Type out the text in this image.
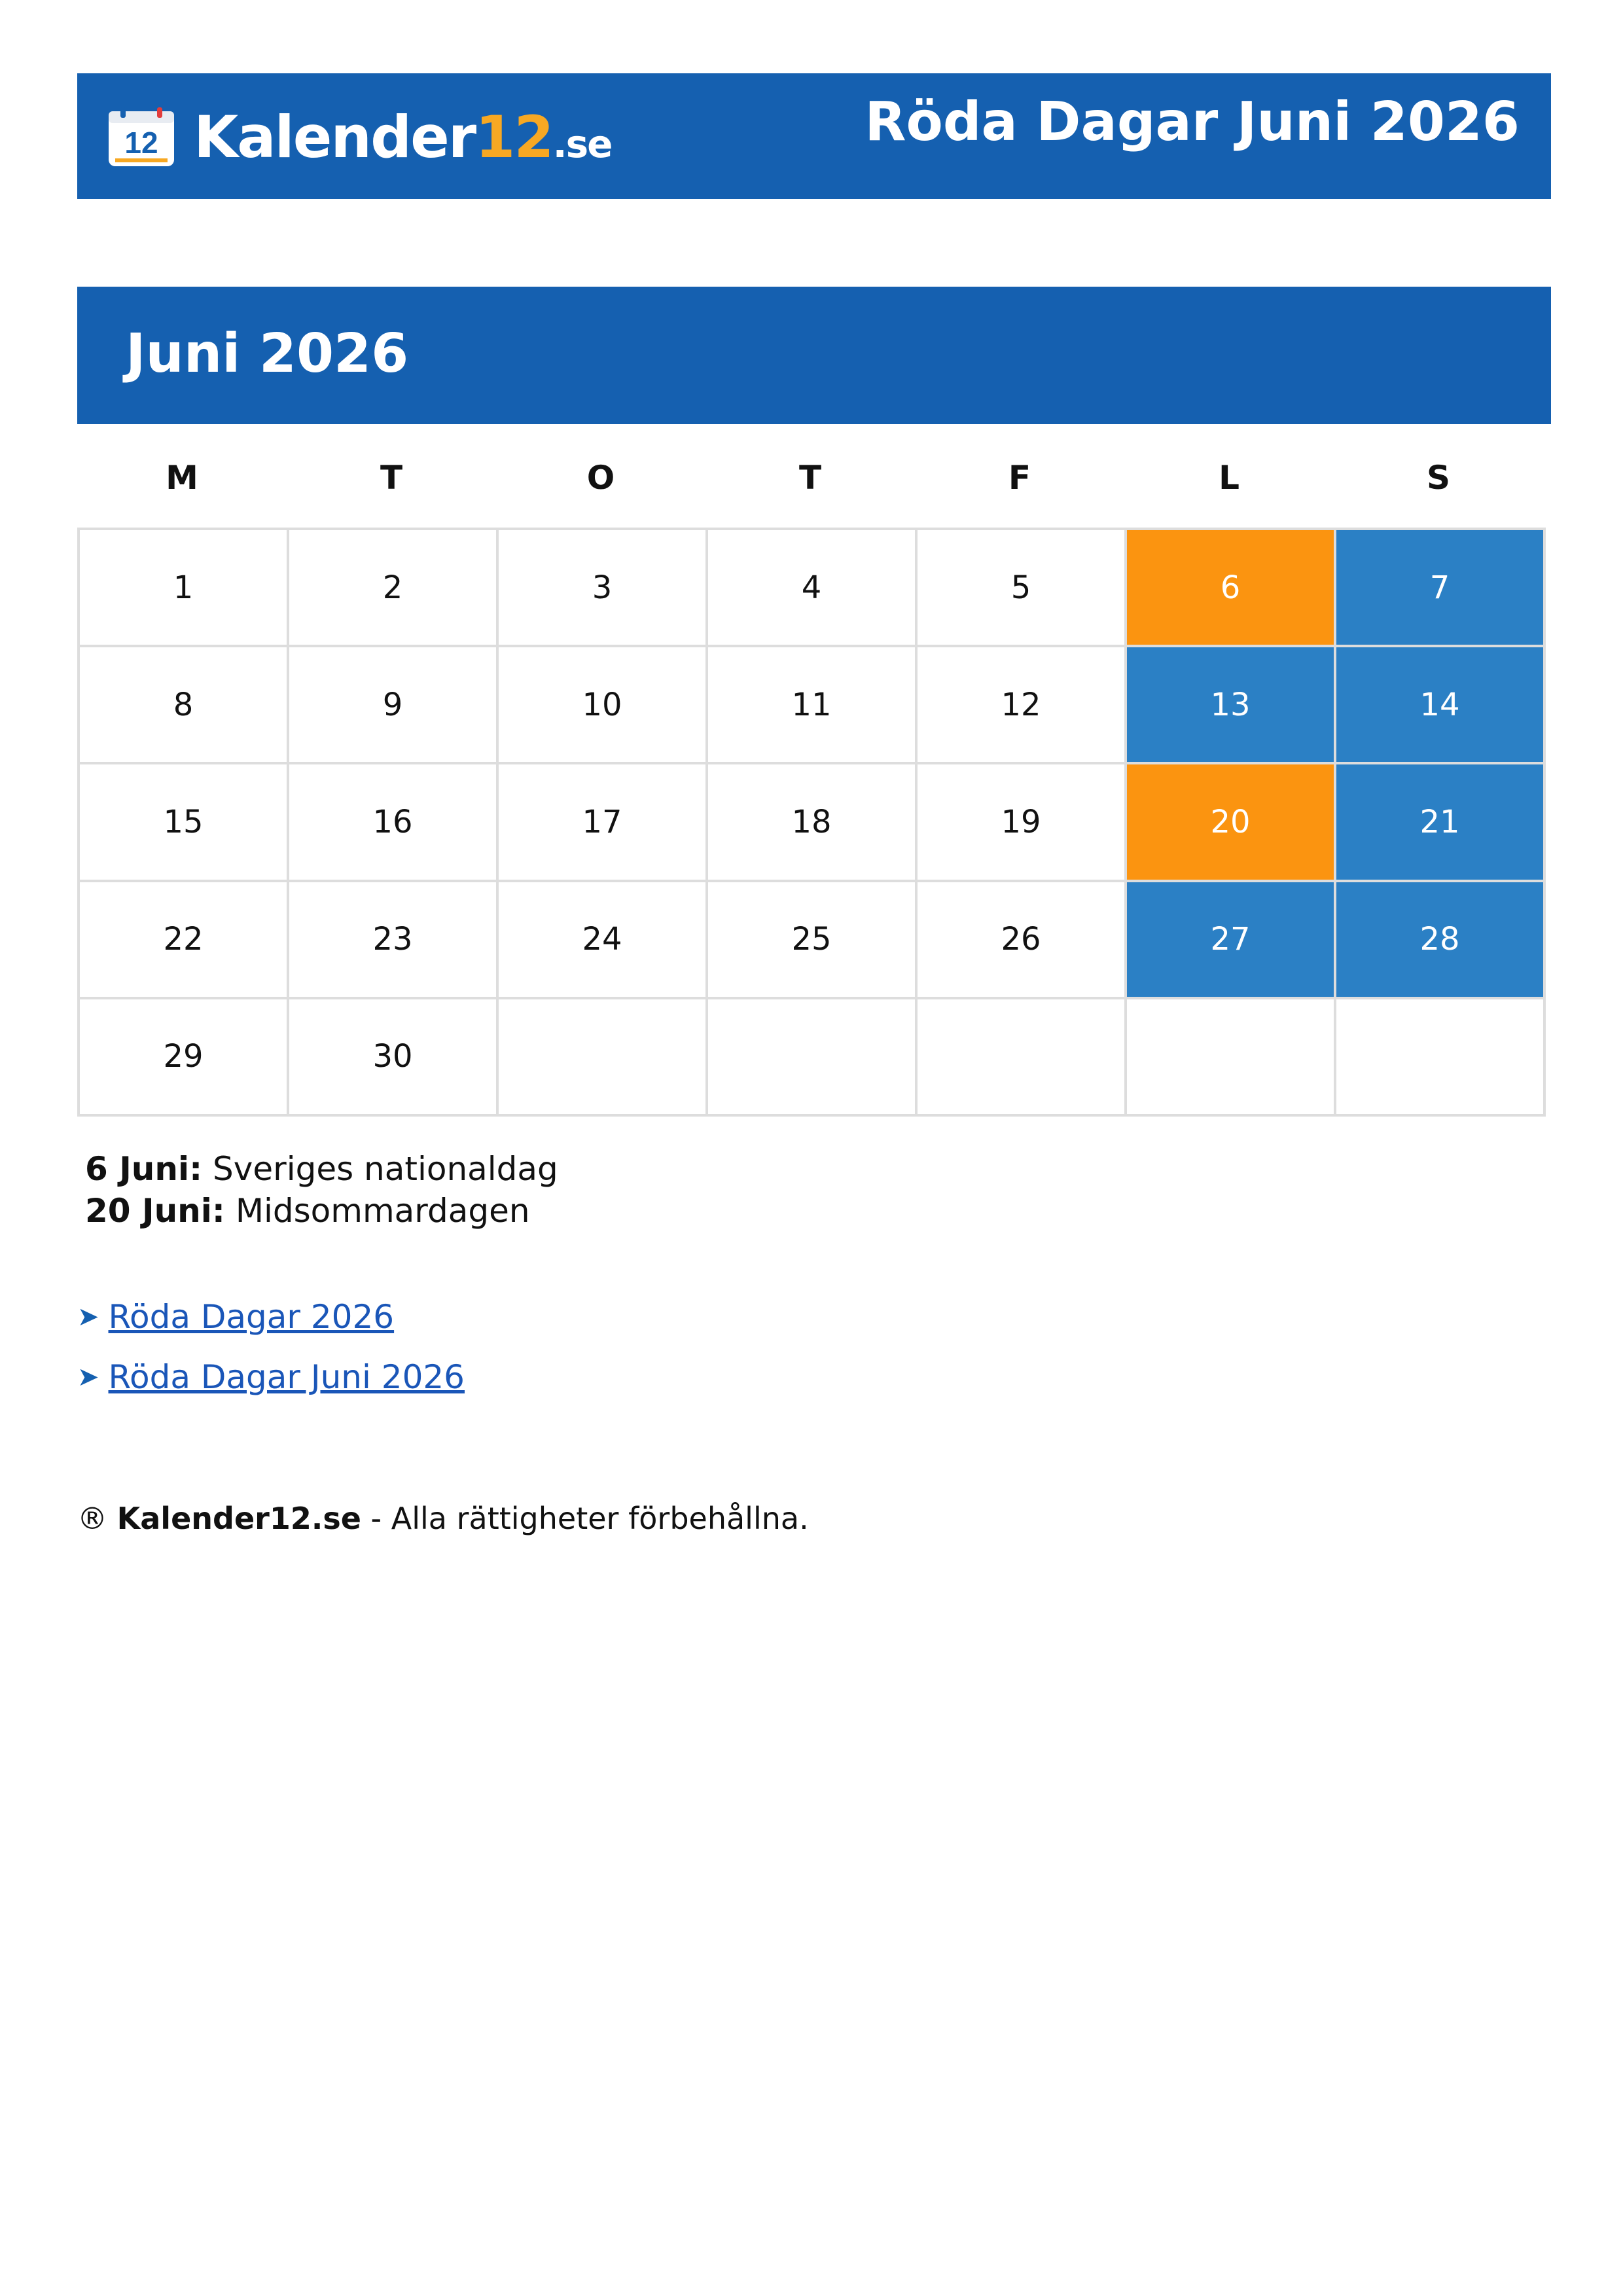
12 Kalender12.se	Röda Dagar Juni 2026
Juni 2026
M	T	O	T	F	L	S
1	2	3	4	5	6	7
8	9	10	11	12	13	14
15	16	17	18	19	20	21
22	23	24	25	26	27	28
29	30
6 Juni: Sveriges nationaldag
20 Juni: Midsommardagen
➤ Röda Dagar 2026
➤ Röda Dagar Juni 2026
® Kalender12.se - Alla rättigheter förbehållna.
